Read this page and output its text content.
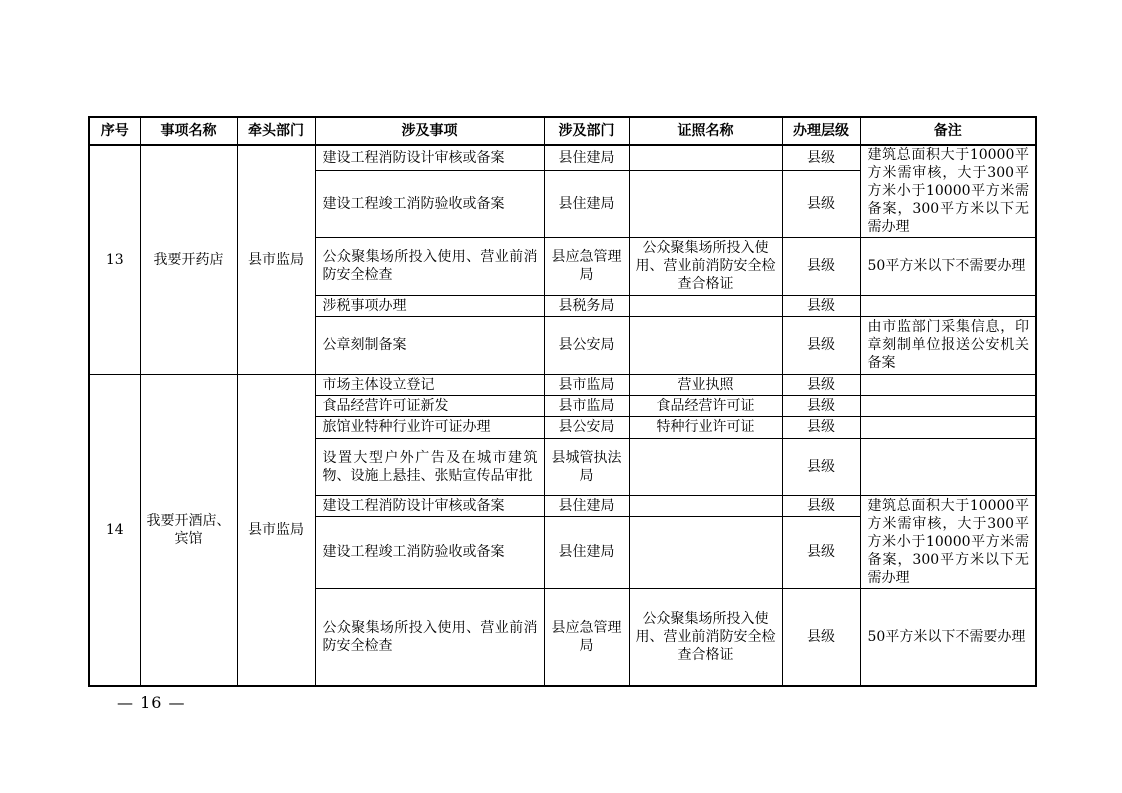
序号	事项名称	牵头部门	涉及事项	涉及部门	证照名称	办理层级	备注
13	我要开药店	县市监局	建设工程消防设计审核或备案	县住建局		县级	建筑总面积大于10000平方米需审核，大于300平方米小于10000平方米需备案，300平方米以下无需办理
			建设工程竣工消防验收或备案	县住建局		县级	
			公众聚集场所投入使用、营业前消防安全检查	县应急管理局	公众聚集场所投入使用、营业前消防安全检查合格证	县级	50平方米以下不需要办理
			涉税事项办理	县税务局		县级	
			公章刻制备案	县公安局		县级	由市监部门采集信息，印章刻制单位报送公安机关备案
14	我要开酒店、宾馆	县市监局	市场主体设立登记	县市监局	营业执照	县级	
			食品经营许可证新发	县市监局	食品经营许可证	县级	
			旅馆业特种行业许可证办理	县公安局	特种行业许可证	县级	
			设置大型户外广告及在城市建筑物、设施上悬挂、张贴宣传品审批	县城管执法局		县级	
			建设工程消防设计审核或备案	县住建局		县级	建筑总面积大于10000平方米需审核，大于300平方米小于10000平方米需备案，300平方米以下无需办理
			建设工程竣工消防验收或备案	县住建局		县级	
			公众聚集场所投入使用、营业前消防安全检查	县应急管理局	公众聚集场所投入使用、营业前消防安全检查合格证	县级	50平方米以下不需要办理
— 16 —
